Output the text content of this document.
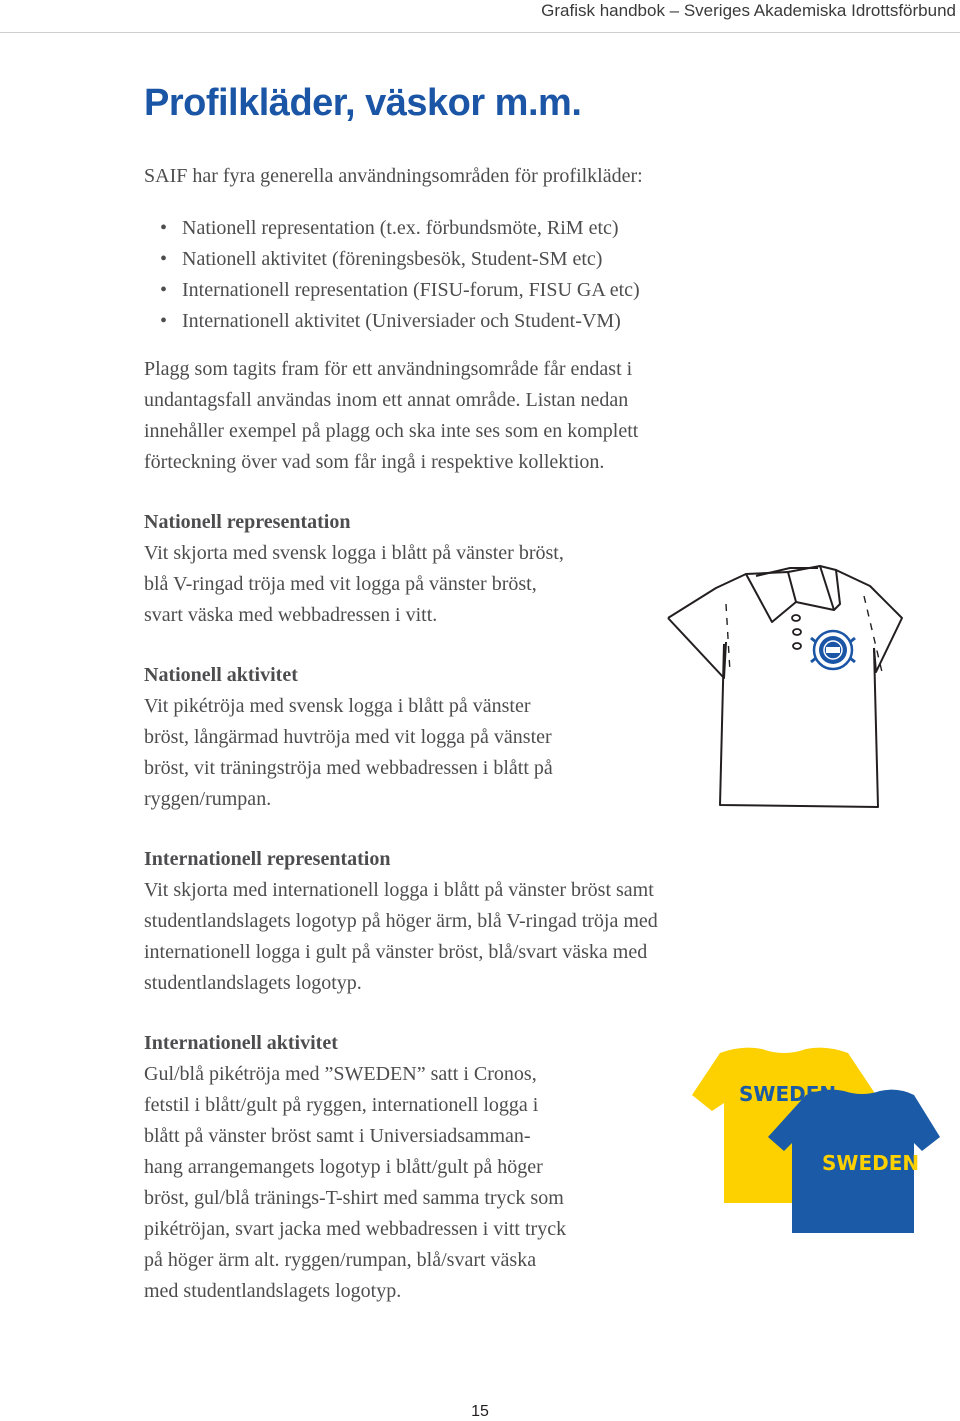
Grafisk handbok – Sveriges Akademiska Idrottsförbund
Profilkläder, väskor m.m.

SAIF har fyra generella användningsområden för profilkläder:

• Nationell representation (t.ex. förbundsmöte, RiM etc)
• Nationell aktivitet (föreningsbesök, Student-SM etc)
• Internationell representation (FISU-forum, FISU GA etc)
• Internationell aktivitet (Universiader och Student-VM)
Plagg som tagits fram för ett användningsområde får endast i
undantagsfall användas inom ett annat område. Listan nedan
innehåller exempel på plagg och ska inte ses som en komplett
förteckning över vad som får ingå i respektive kollektion.
Nationell representation

Vit skjorta med svensk logga i blått på vänster bröst,

blå V-ringad tröja med vit logga på vänster bröst,

svart väska med webbadressen i vitt.

Nationell aktivitet

Vit pikétröja med svensk logga i blått på vänster

bröst, långärmad huvtröja med vit logga på vänster

bröst, vit träningströja med webbadressen i blått på

ryggen/rumpan.

Internationell representation

Vit skjorta med internationell logga i blått på vänster bröst samt

studentlandslagets logotyp på höger ärm, blå V-ringad tröja med

internationell logga i gult på vänster bröst, blå/svart väska med

studentlandslagets logotyp.

Internationell aktivitet

Gul/blå pikétröja med ”SWEDEN” satt i Cronos,

fetstil i blått/gult på ryggen, internationell logga i

blått på vänster bröst samt i Universiadsamman-

hang arrangemangets logotyp i blått/gult på höger

bröst, gul/blå tränings-T-shirt med samma tryck som

pikétröjan, svart jacka med webbadressen i vitt tryck

på höger ärm alt. ryggen/rumpan, blå/svart väska

med studentlandslagets logotyp.

SWEDEN
SWEDEN
15
